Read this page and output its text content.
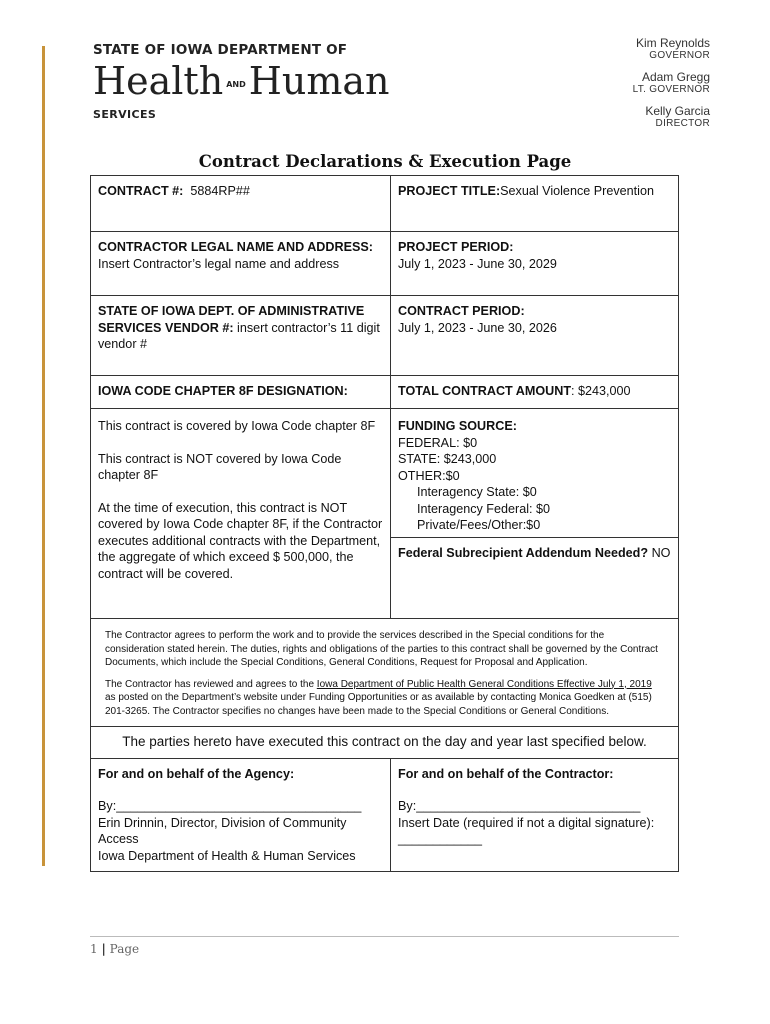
STATE OF IOWA DEPARTMENT OF
Health ANDHuman
SERVICES
Kim Reynolds
GOVERNOR
Adam Gregg
LT. GOVERNOR
Kelly Garcia
DIRECTOR
Contract Declarations & Execution Page
CONTRACT #: 5884RP##	PROJECT TITLE:Sexual Violence Prevention
CONTRACTOR LEGAL NAME AND ADDRESS:
Insert Contractor’s legal name and address
PROJECT PERIOD:
July 1, 2023 - June 30, 2029
STATE OF IOWA DEPT. OF ADMINISTRATIVE SERVICES VENDOR #: insert contractor’s 11 digit vendor #
CONTRACT PERIOD:
July 1, 2023 - June 30, 2026
IOWA CODE CHAPTER 8F DESIGNATION:
This contract is covered by Iowa Code chapter 8F
This contract is NOT covered by Iowa Code chapter 8F
At the time of execution, this contract is NOT covered by Iowa Code chapter 8F, if the Contractor executes additional contracts with the Department, the aggregate of which exceed $ 500,000, the contract will be covered.
TOTAL CONTRACT AMOUNT: $243,000
FUNDING SOURCE:
FEDERAL: $0
STATE: $243,000
OTHER:$0
Interagency State: $0
Interagency Federal: $0
Private/Fees/Other:$0
Federal Subrecipient Addendum Needed? NO

The Contractor agrees to perform the work and to provide the services described in the Special conditions for the consideration stated herein. The duties, rights and obligations of the parties to this contract shall be governed by the Contract Documents, which include the Special Conditions, General Conditions, Request for Proposal and Application.

The Contractor has reviewed and agrees to the Iowa Department of Public Health General Conditions Effective July 1, 2019 as posted on the Department’s website under Funding Opportunities or as available by contacting Monica Goedken at (515) 201-3265. The Contractor specifies no changes have been made to the Special Conditions or General Conditions.

The parties hereto have executed this contract on the day and year last specified below.
For and on behalf of the Agency:
By:___________________________________
Erin Drinnin, Director, Division of Community Access
Iowa Department of Health & Human Services
For and on behalf of the Contractor:
By:________________________________
Insert Date (required if not a digital signature): ____________
1 | Page
